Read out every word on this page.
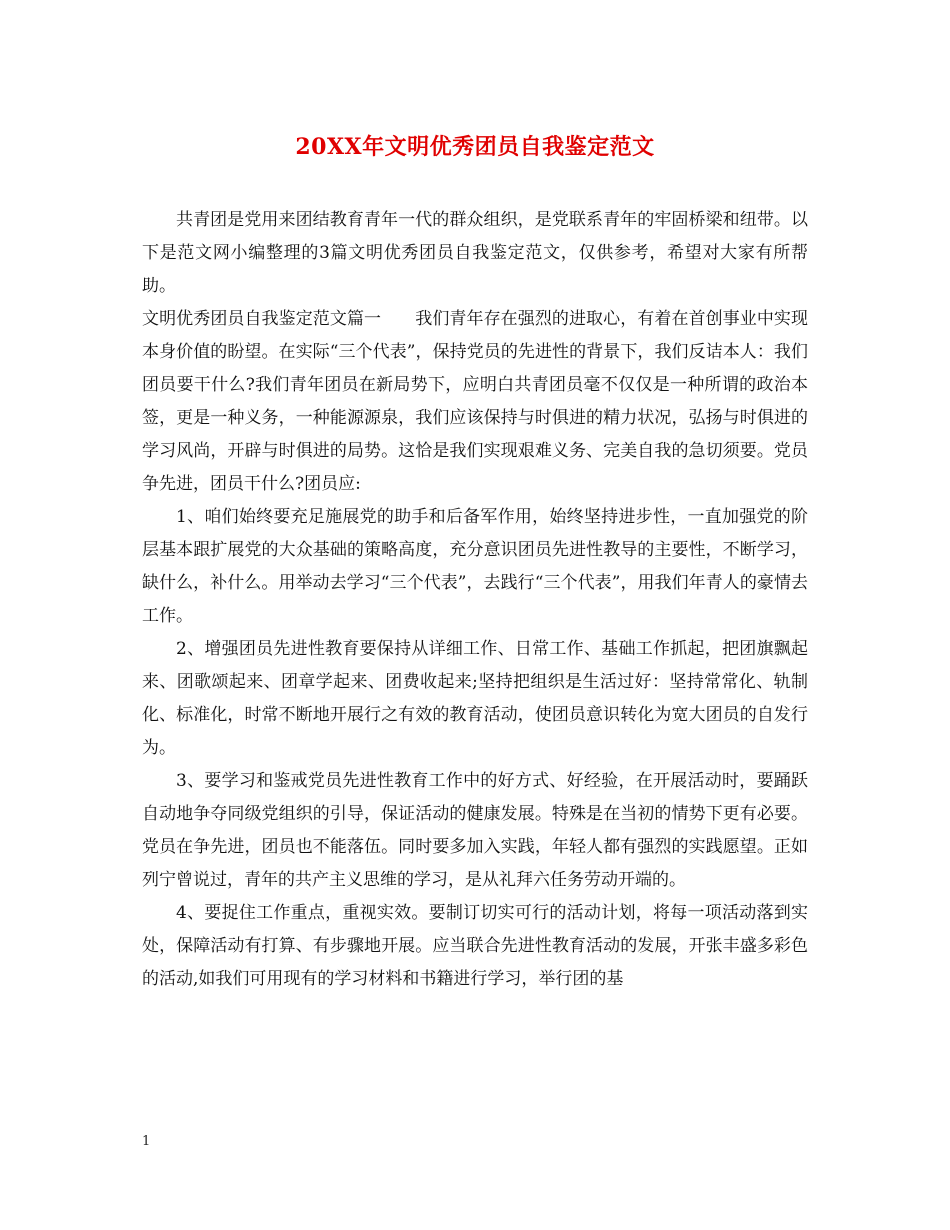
20XX年文明优秀团员自我鉴定范文

共青团是党用来团结教育青年一代的群众组织，是党联系青年的牢固桥梁和纽带。以下是范文网小编整理的3篇文明优秀团员自我鉴定范文，仅供参考，希望对大家有所帮助。

文明优秀团员自我鉴定范文篇一　　我们青年存在强烈的进取心，有着在首创事业中实现本身价值的盼望。在实际“三个代表”，保持党员的先进性的背景下，我们反诘本人：我们团员要干什么?我们青年团员在新局势下，应明白共青团员毫不仅仅是一种所谓的政治本签，更是一种义务，一种能源源泉，我们应该保持与时俱进的精力状况，弘扬与时俱进的学习风尚，开辟与时俱进的局势。这恰是我们实现艰难义务、完美自我的急切须要。党员争先进，团员干什么?团员应:

1、咱们始终要充足施展党的助手和后备军作用，始终坚持进步性，一直加强党的阶层基本跟扩展党的大众基础的策略高度，充分意识团员先进性教导的主要性，不断学习，缺什么，补什么。用举动去学习“三个代表”，去践行“三个代表”，用我们年青人的豪情去工作。

2、增强团员先进性教育要保持从详细工作、日常工作、基础工作抓起，把团旗飘起来、团歌颂起来、团章学起来、团费收起来;坚持把组织是生活过好：坚持常常化、轨制化、标准化，时常不断地开展行之有效的教育活动，使团员意识转化为宽大团员的自发行为。

3、要学习和鉴戒党员先进性教育工作中的好方式、好经验，在开展活动时，要踊跃自动地争夺同级党组织的引导，保证活动的健康发展。特殊是在当初的情势下更有必要。党员在争先进，团员也不能落伍。同时要多加入实践，年轻人都有强烈的实践愿望。正如列宁曾说过，青年的共产主义思维的学习，是从礼拜六任务劳动开端的。

4、要捉住工作重点，重视实效。要制订切实可行的活动计划，将每一项活动落到实处，保障活动有打算、有步骤地开展。应当联合先进性教育活动的发展，开张丰盛多彩色的活动,如我们可用现有的学习材料和书籍进行学习，举行团的基

1
